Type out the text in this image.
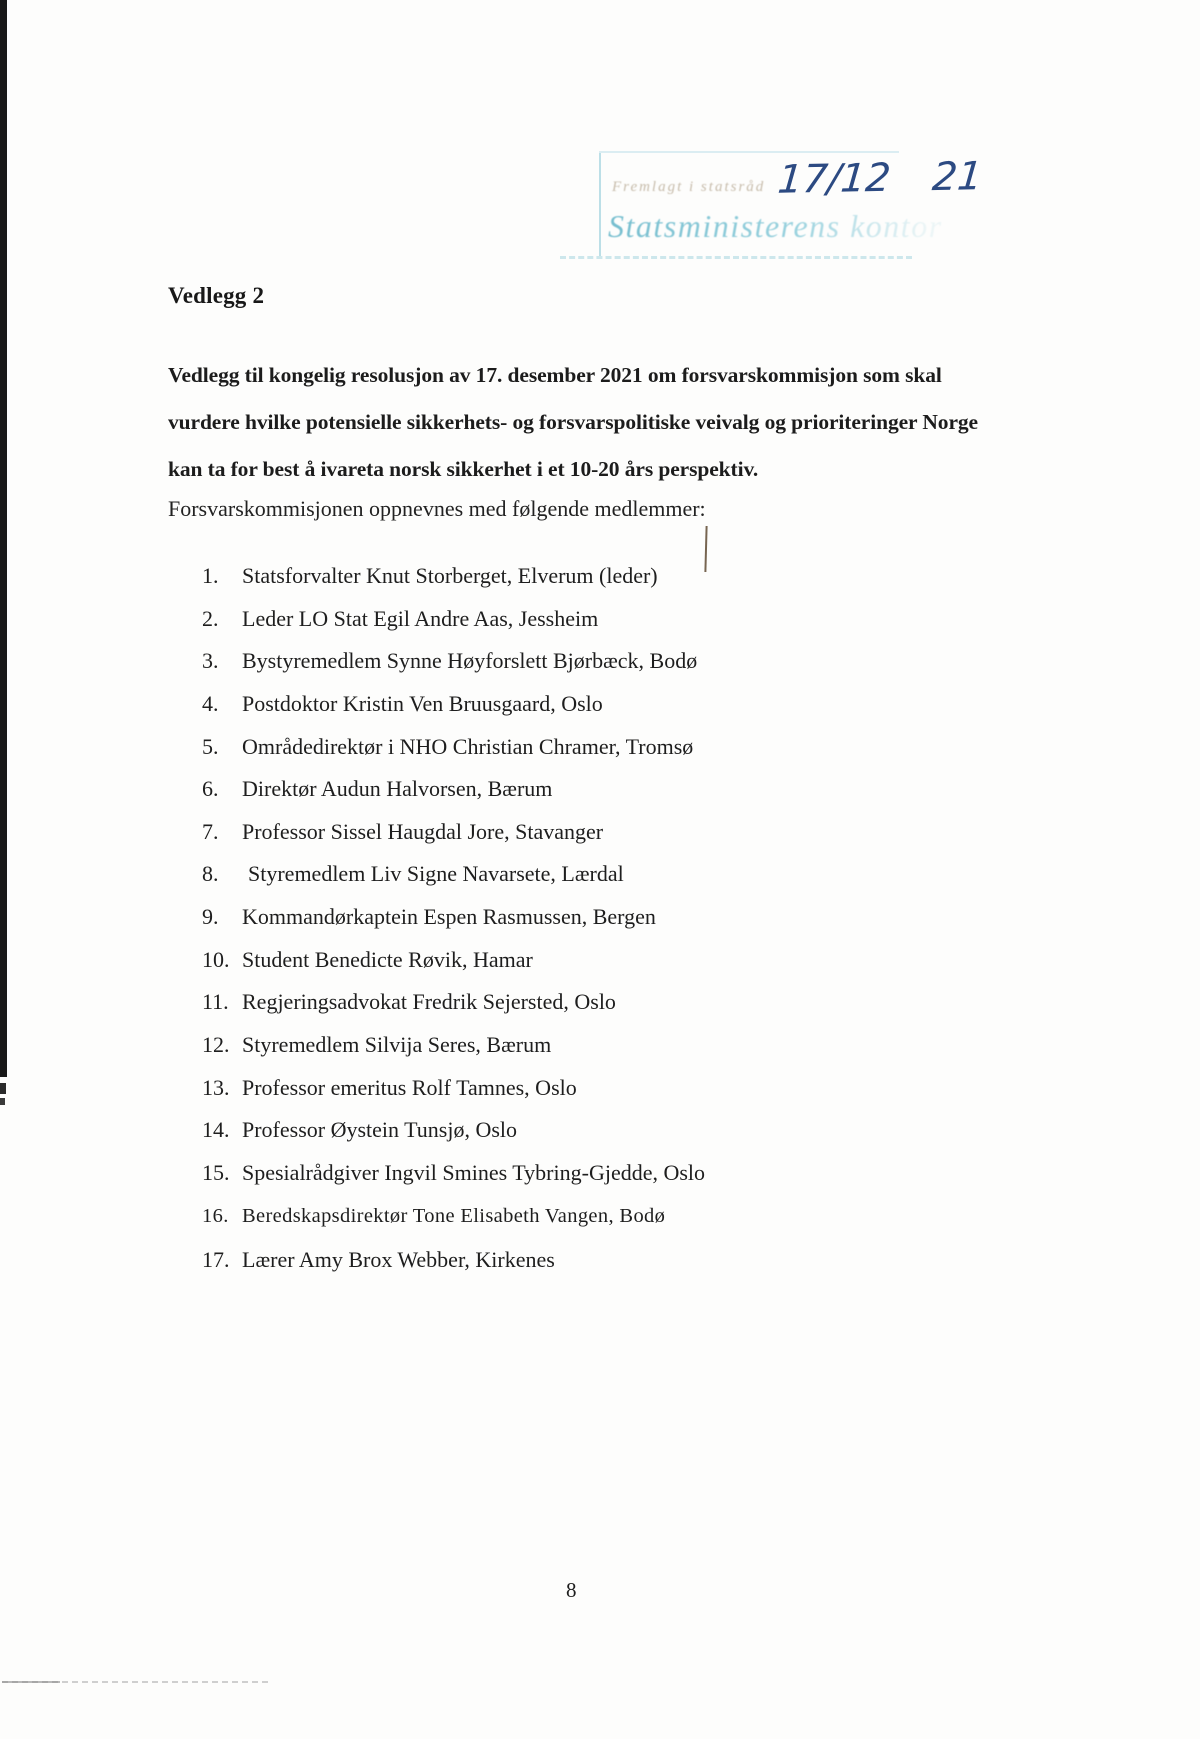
Fremlagt i statsråd 17/12 21
Statsministerens kontor
Vedlegg 2
Vedlegg til kongelig resolusjon av 17. desember 2021 om forsvarskommisjon som skal
vurdere hvilke potensielle sikkerhets- og forsvarspolitiske veivalg og prioriteringer Norge
kan ta for best å ivareta norsk sikkerhet i et 10-20 års perspektiv.
Forsvarskommisjonen oppnevnes med følgende medlemmer:
1.	Statsforvalter Knut Storberget, Elverum (leder)
2.	Leder LO Stat Egil Andre Aas, Jessheim
3.	Bystyremedlem Synne Høyforslett Bjørbæck, Bodø
4.	Postdoktor Kristin Ven Bruusgaard, Oslo
5.	Områdedirektør i NHO Christian Chramer, Tromsø
6.	Direktør Audun Halvorsen, Bærum
7.	Professor Sissel Haugdal Jore, Stavanger
8.	Styremedlem Liv Signe Navarsete, Lærdal
9.	Kommandørkaptein Espen Rasmussen, Bergen
10. Student Benedicte Røvik, Hamar
11. Regjeringsadvokat Fredrik Sejersted, Oslo
12. Styremedlem Silvija Seres, Bærum
13. Professor emeritus Rolf Tamnes, Oslo
14. Professor Øystein Tunsjø, Oslo
15. Spesialrådgiver Ingvil Smines Tybring-Gjedde, Oslo
16. Beredskapsdirektør Tone Elisabeth Vangen, Bodø
17. Lærer Amy Brox Webber, Kirkenes
8
